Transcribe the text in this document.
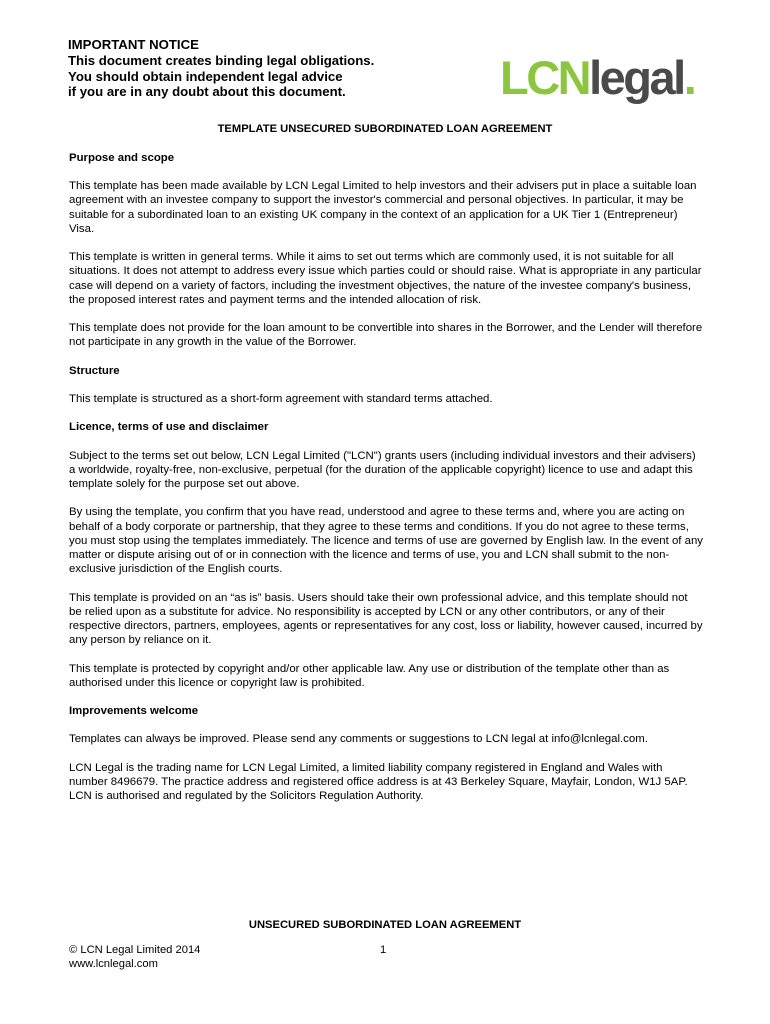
IMPORTANT NOTICE
This document creates binding legal obligations.
You should obtain independent legal advice
if you are in any doubt about this document.	LCNlegal.
TEMPLATE UNSECURED SUBORDINATED LOAN AGREEMENT
Purpose and scope

This template has been made available by LCN Legal Limited to help investors and their advisers put in place a suitable loan agreement with an investee company to support the investor's commercial and personal objectives. In particular, it may be suitable for a subordinated loan to an existing UK company in the context of an application for a UK Tier 1 (Entrepreneur) Visa.

This template is written in general terms. While it aims to set out terms which are commonly used, it is not suitable for all situations. It does not attempt to address every issue which parties could or should raise. What is appropriate in any particular case will depend on a variety of factors, including the investment objectives, the nature of the investee company's business, the proposed interest rates and payment terms and the intended allocation of risk.

This template does not provide for the loan amount to be convertible into shares in the Borrower, and the Lender will therefore not participate in any growth in the value of the Borrower.

Structure

This template is structured as a short-form agreement with standard terms attached.

Licence, terms of use and disclaimer

Subject to the terms set out below, LCN Legal Limited ("LCN") grants users (including individual investors and their advisers) a worldwide, royalty-free, non-exclusive, perpetual (for the duration of the applicable copyright) licence to use and adapt this template solely for the purpose set out above.

By using the template, you confirm that you have read, understood and agree to these terms and, where you are acting on behalf of a body corporate or partnership, that they agree to these terms and conditions. If you do not agree to these terms, you must stop using the templates immediately. The licence and terms of use are governed by English law. In the event of any matter or dispute arising out of or in connection with the licence and terms of use, you and LCN shall submit to the non-exclusive jurisdiction of the English courts.

This template is provided on an “as is” basis. Users should take their own professional advice, and this template should not be relied upon as a substitute for advice. No responsibility is accepted by LCN or any other contributors, or any of their respective directors, partners, employees, agents or representatives for any cost, loss or liability, however caused, incurred by any person by reliance on it.

This template is protected by copyright and/or other applicable law. Any use or distribution of the template other than as authorised under this licence or copyright law is prohibited.

Improvements welcome

Templates can always be improved. Please send any comments or suggestions to LCN legal at info@lcnlegal.com.

LCN Legal is the trading name for LCN Legal Limited, a limited liability company registered in England and Wales with number 8496679. The practice address and registered office address is at 43 Berkeley Square, Mayfair, London, W1J 5AP. LCN is authorised and regulated by the Solicitors Regulation Authority.

UNSECURED SUBORDINATED LOAN AGREEMENT
© LCN Legal Limited 2014
www.lcnlegal.com
1
